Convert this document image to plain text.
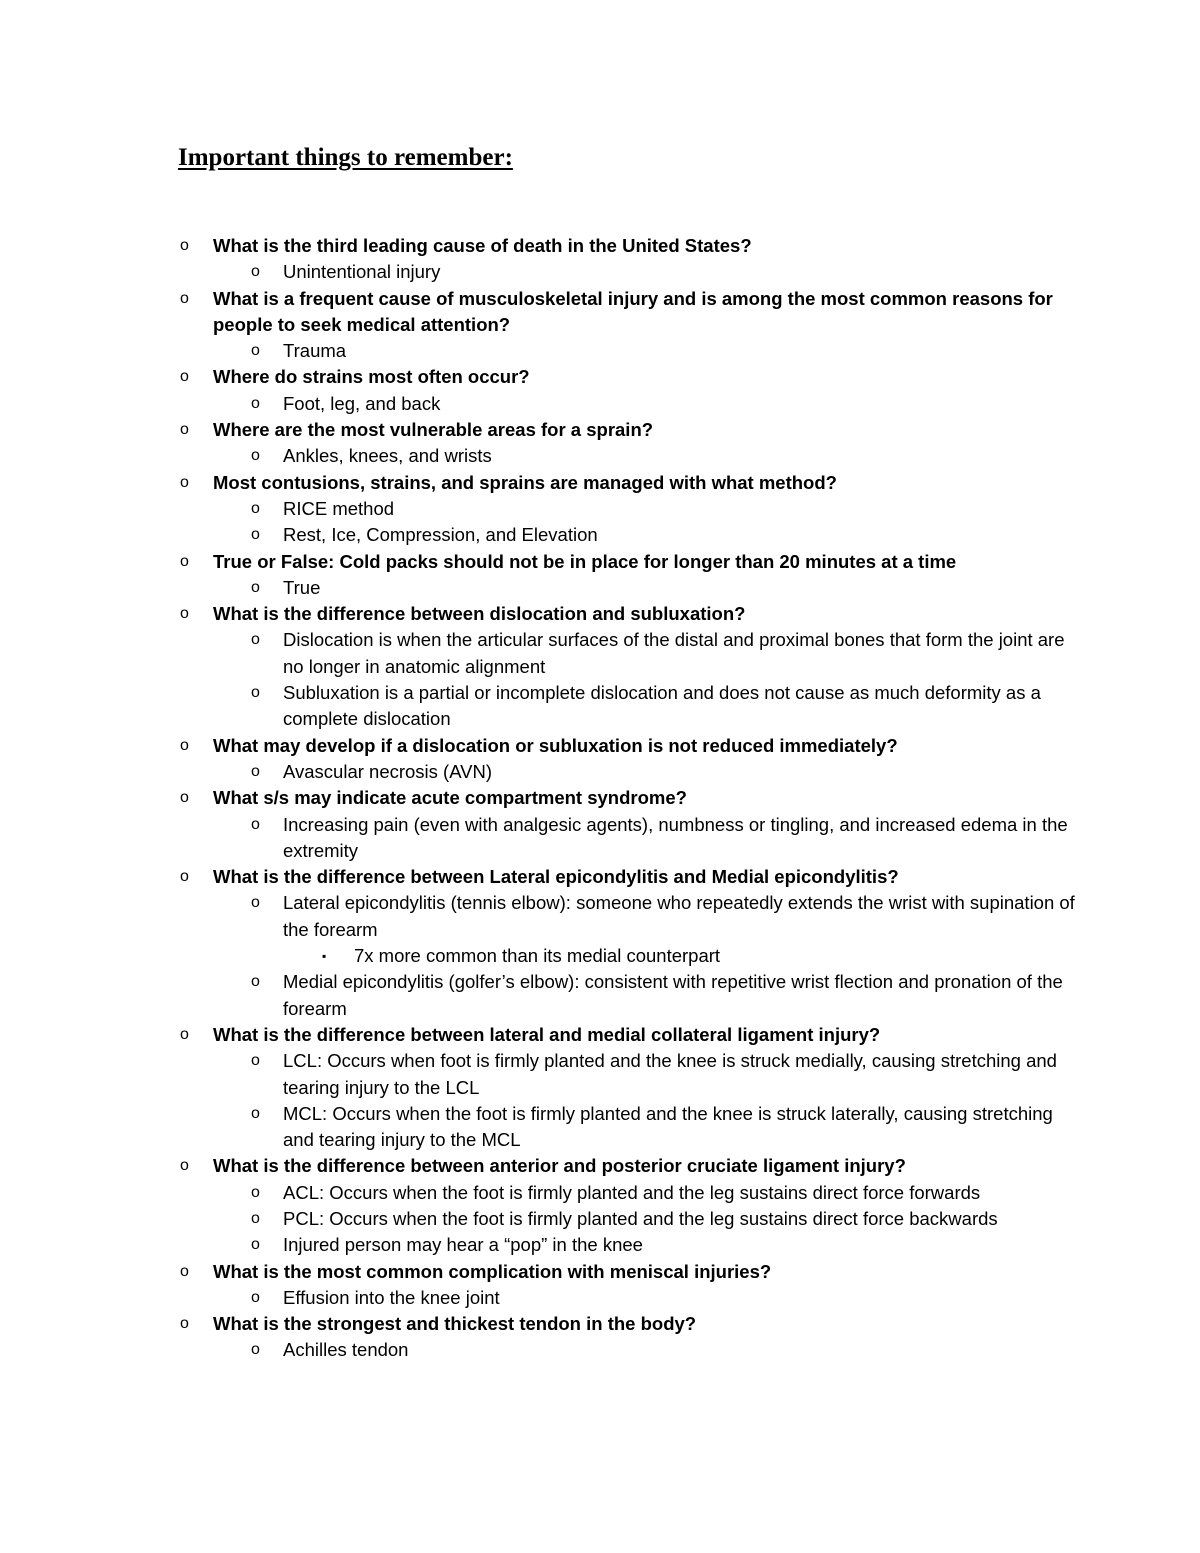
Important things to remember:
o What is the third leading cause of death in the United States?
o Unintentional injury
o What is a frequent cause of musculoskeletal injury and is among the most common reasons for people to seek medical attention?
o Trauma
o Where do strains most often occur?
o Foot, leg, and back
o Where are the most vulnerable areas for a sprain?
o Ankles, knees, and wrists
o Most contusions, strains, and sprains are managed with what method?
o RICE method
o Rest, Ice, Compression, and Elevation
o True or False: Cold packs should not be in place for longer than 20 minutes at a time
o True
o What is the difference between dislocation and subluxation?
o Dislocation is when the articular surfaces of the distal and proximal bones that form the joint are no longer in anatomic alignment
o Subluxation is a partial or incomplete dislocation and does not cause as much deformity as a complete dislocation
o What may develop if a dislocation or subluxation is not reduced immediately?
o Avascular necrosis (AVN)
o What s/s may indicate acute compartment syndrome?
o Increasing pain (even with analgesic agents), numbness or tingling, and increased edema in the extremity
o What is the difference between Lateral epicondylitis and Medial epicondylitis?
o Lateral epicondylitis (tennis elbow): someone who repeatedly extends the wrist with supination of the forearm
▪ 7x more common than its medial counterpart
o Medial epicondylitis (golfer’s elbow): consistent with repetitive wrist flection and pronation of the forearm
o What is the difference between lateral and medial collateral ligament injury?
o LCL: Occurs when foot is firmly planted and the knee is struck medially, causing stretching and tearing injury to the LCL
o MCL: Occurs when the foot is firmly planted and the knee is struck laterally, causing stretching and tearing injury to the MCL
o What is the difference between anterior and posterior cruciate ligament injury?
o ACL: Occurs when the foot is firmly planted and the leg sustains direct force forwards
o PCL: Occurs when the foot is firmly planted and the leg sustains direct force backwards
o Injured person may hear a “pop” in the knee
o What is the most common complication with meniscal injuries?
o Effusion into the knee joint
o What is the strongest and thickest tendon in the body?
o Achilles tendon
